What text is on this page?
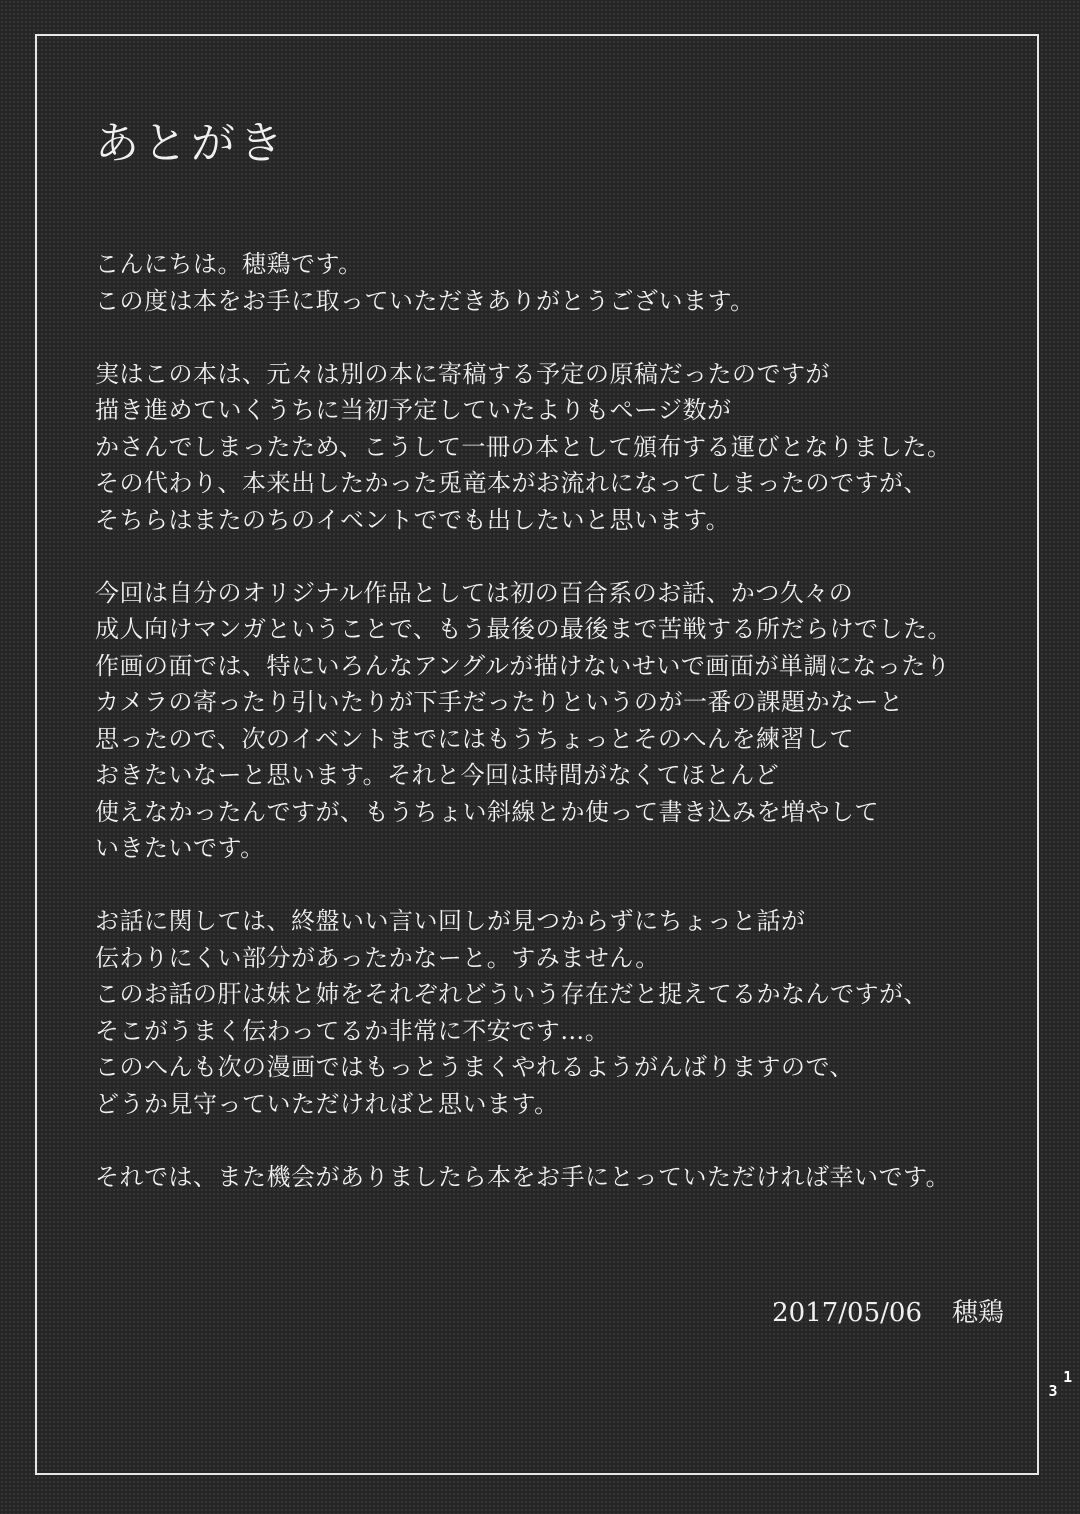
あとがき
こんにちは。穂鶏です。
この度は本をお手に取っていただきありがとうございます。
実はこの本は、元々は別の本に寄稿する予定の原稿だったのですが
描き進めていくうちに当初予定していたよりもページ数が
かさんでしまったため、こうして一冊の本として頒布する運びとなりました。
その代わり、本来出したかった兎竜本がお流れになってしまったのですが、
そちらはまたのちのイベントででも出したいと思います。
今回は自分のオリジナル作品としては初の百合系のお話、かつ久々の
成人向けマンガということで、もう最後の最後まで苦戦する所だらけでした。
作画の面では、特にいろんなアングルが描けないせいで画面が単調になったり
カメラの寄ったり引いたりが下手だったりというのが一番の課題かなーと
思ったので、次のイベントまでにはもうちょっとそのへんを練習して
おきたいなーと思います。それと今回は時間がなくてほとんど
使えなかったんですが、もうちょい斜線とか使って書き込みを増やして
いきたいです。
お話に関しては、終盤いい言い回しが見つからずにちょっと話が
伝わりにくい部分があったかなーと。すみません。
このお話の肝は妹と姉をそれぞれどういう存在だと捉えてるかなんですが、
そこがうまく伝わってるか非常に不安です…。
このへんも次の漫画ではもっとうまくやれるようがんばりますので、
どうか見守っていただければと思います。
それでは、また機会がありましたら本をお手にとっていただければ幸いです。
2017/05/06 穂鶏

1
3
